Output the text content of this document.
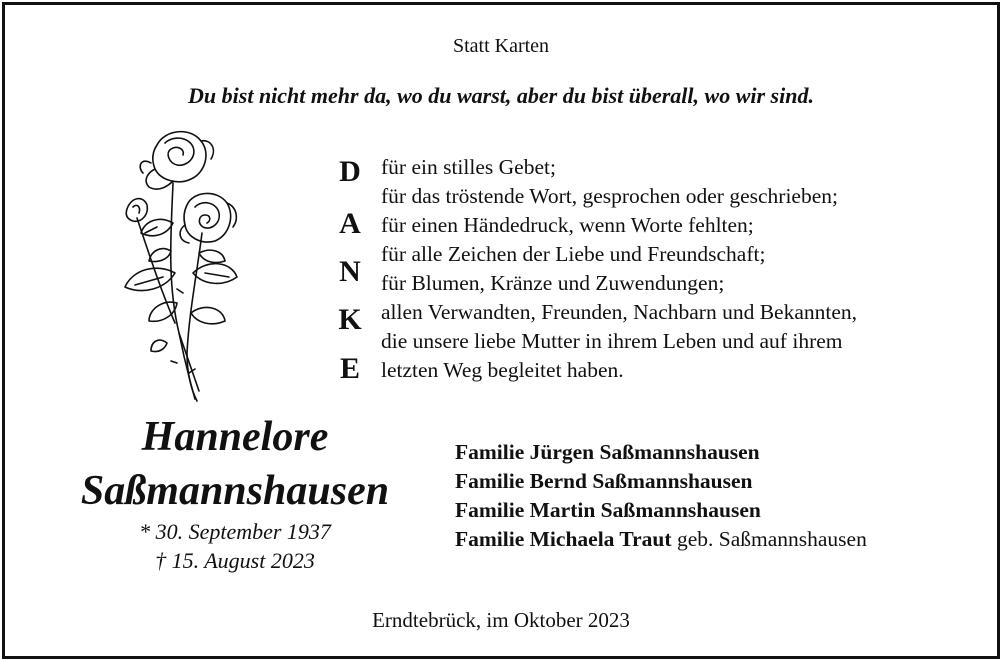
Statt Karten
Du bist nicht mehr da, wo du warst, aber du bist überall, wo wir sind.
D
A
N
K
E
für ein stilles Gebet;
für das tröstende Wort, gesprochen oder geschrieben;
für einen Händedruck, wenn Worte fehlten;
für alle Zeichen der Liebe und Freundschaft;
für Blumen, Kränze und Zuwendungen;
allen Verwandten, Freunden, Nachbarn und Bekannten,
die unsere liebe Mutter in ihrem Leben und auf ihrem
letzten Weg begleitet haben.
Hannelore
Saßmannshausen
* 30. September 1937
† 15. August 2023
Familie Jürgen Saßmannshausen
Familie Bernd Saßmannshausen
Familie Martin Saßmannshausen
Familie Michaela Traut geb. Saßmannshausen
Erndtebrück, im Oktober 2023
